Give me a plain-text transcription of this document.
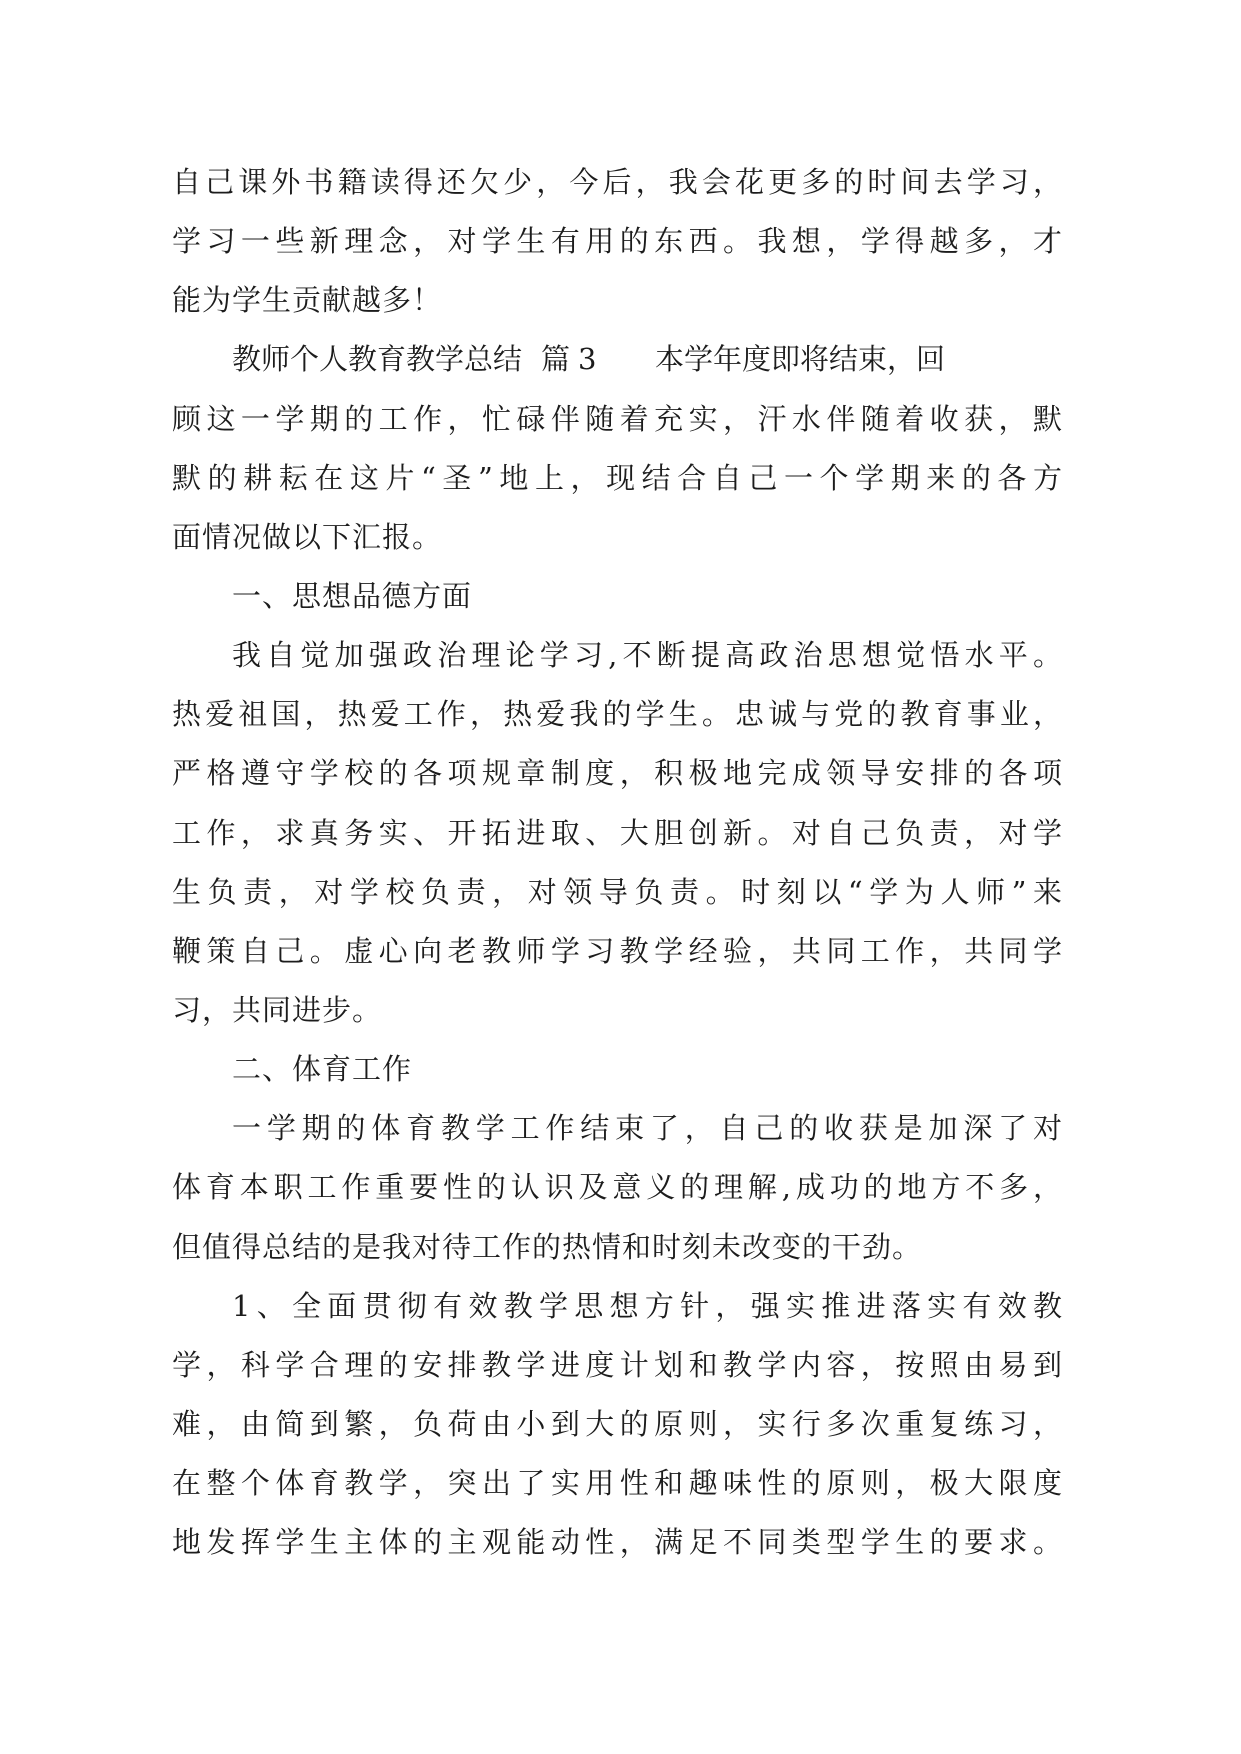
自己课外书籍读得还欠少，今后，我会花更多的时间去学习，
学习一些新理念，对学生有用的东西。我想，学得越多，才
能为学生贡献越多！
教师个人教育教学总结 篇3 本学年度即将结束，回
顾这一学期的工作，忙碌伴随着充实，汗水伴随着收获，默
默的耕耘在这片“圣”地上，现结合自己一个学期来的各方
面情况做以下汇报。
一、思想品德方面
我自觉加强政治理论学习,不断提高政治思想觉悟水平。
热爱祖国，热爱工作，热爱我的学生。忠诚与党的教育事业，
严格遵守学校的各项规章制度，积极地完成领导安排的各项
工作，求真务实、开拓进取、大胆创新。对自己负责，对学
生负责，对学校负责，对领导负责。时刻以“学为人师”来
鞭策自己。虚心向老教师学习教学经验，共同工作，共同学
习，共同进步。
二、体育工作
一学期的体育教学工作结束了，自己的收获是加深了对
体育本职工作重要性的认识及意义的理解,成功的地方不多，
但值得总结的是我对待工作的热情和时刻未改变的干劲。
1、全面贯彻有效教学思想方针，强实推进落实有效教
学，科学合理的安排教学进度计划和教学内容，按照由易到
难，由简到繁，负荷由小到大的原则，实行多次重复练习，
在整个体育教学，突出了实用性和趣味性的原则，极大限度
地发挥学生主体的主观能动性，满足不同类型学生的要求。
